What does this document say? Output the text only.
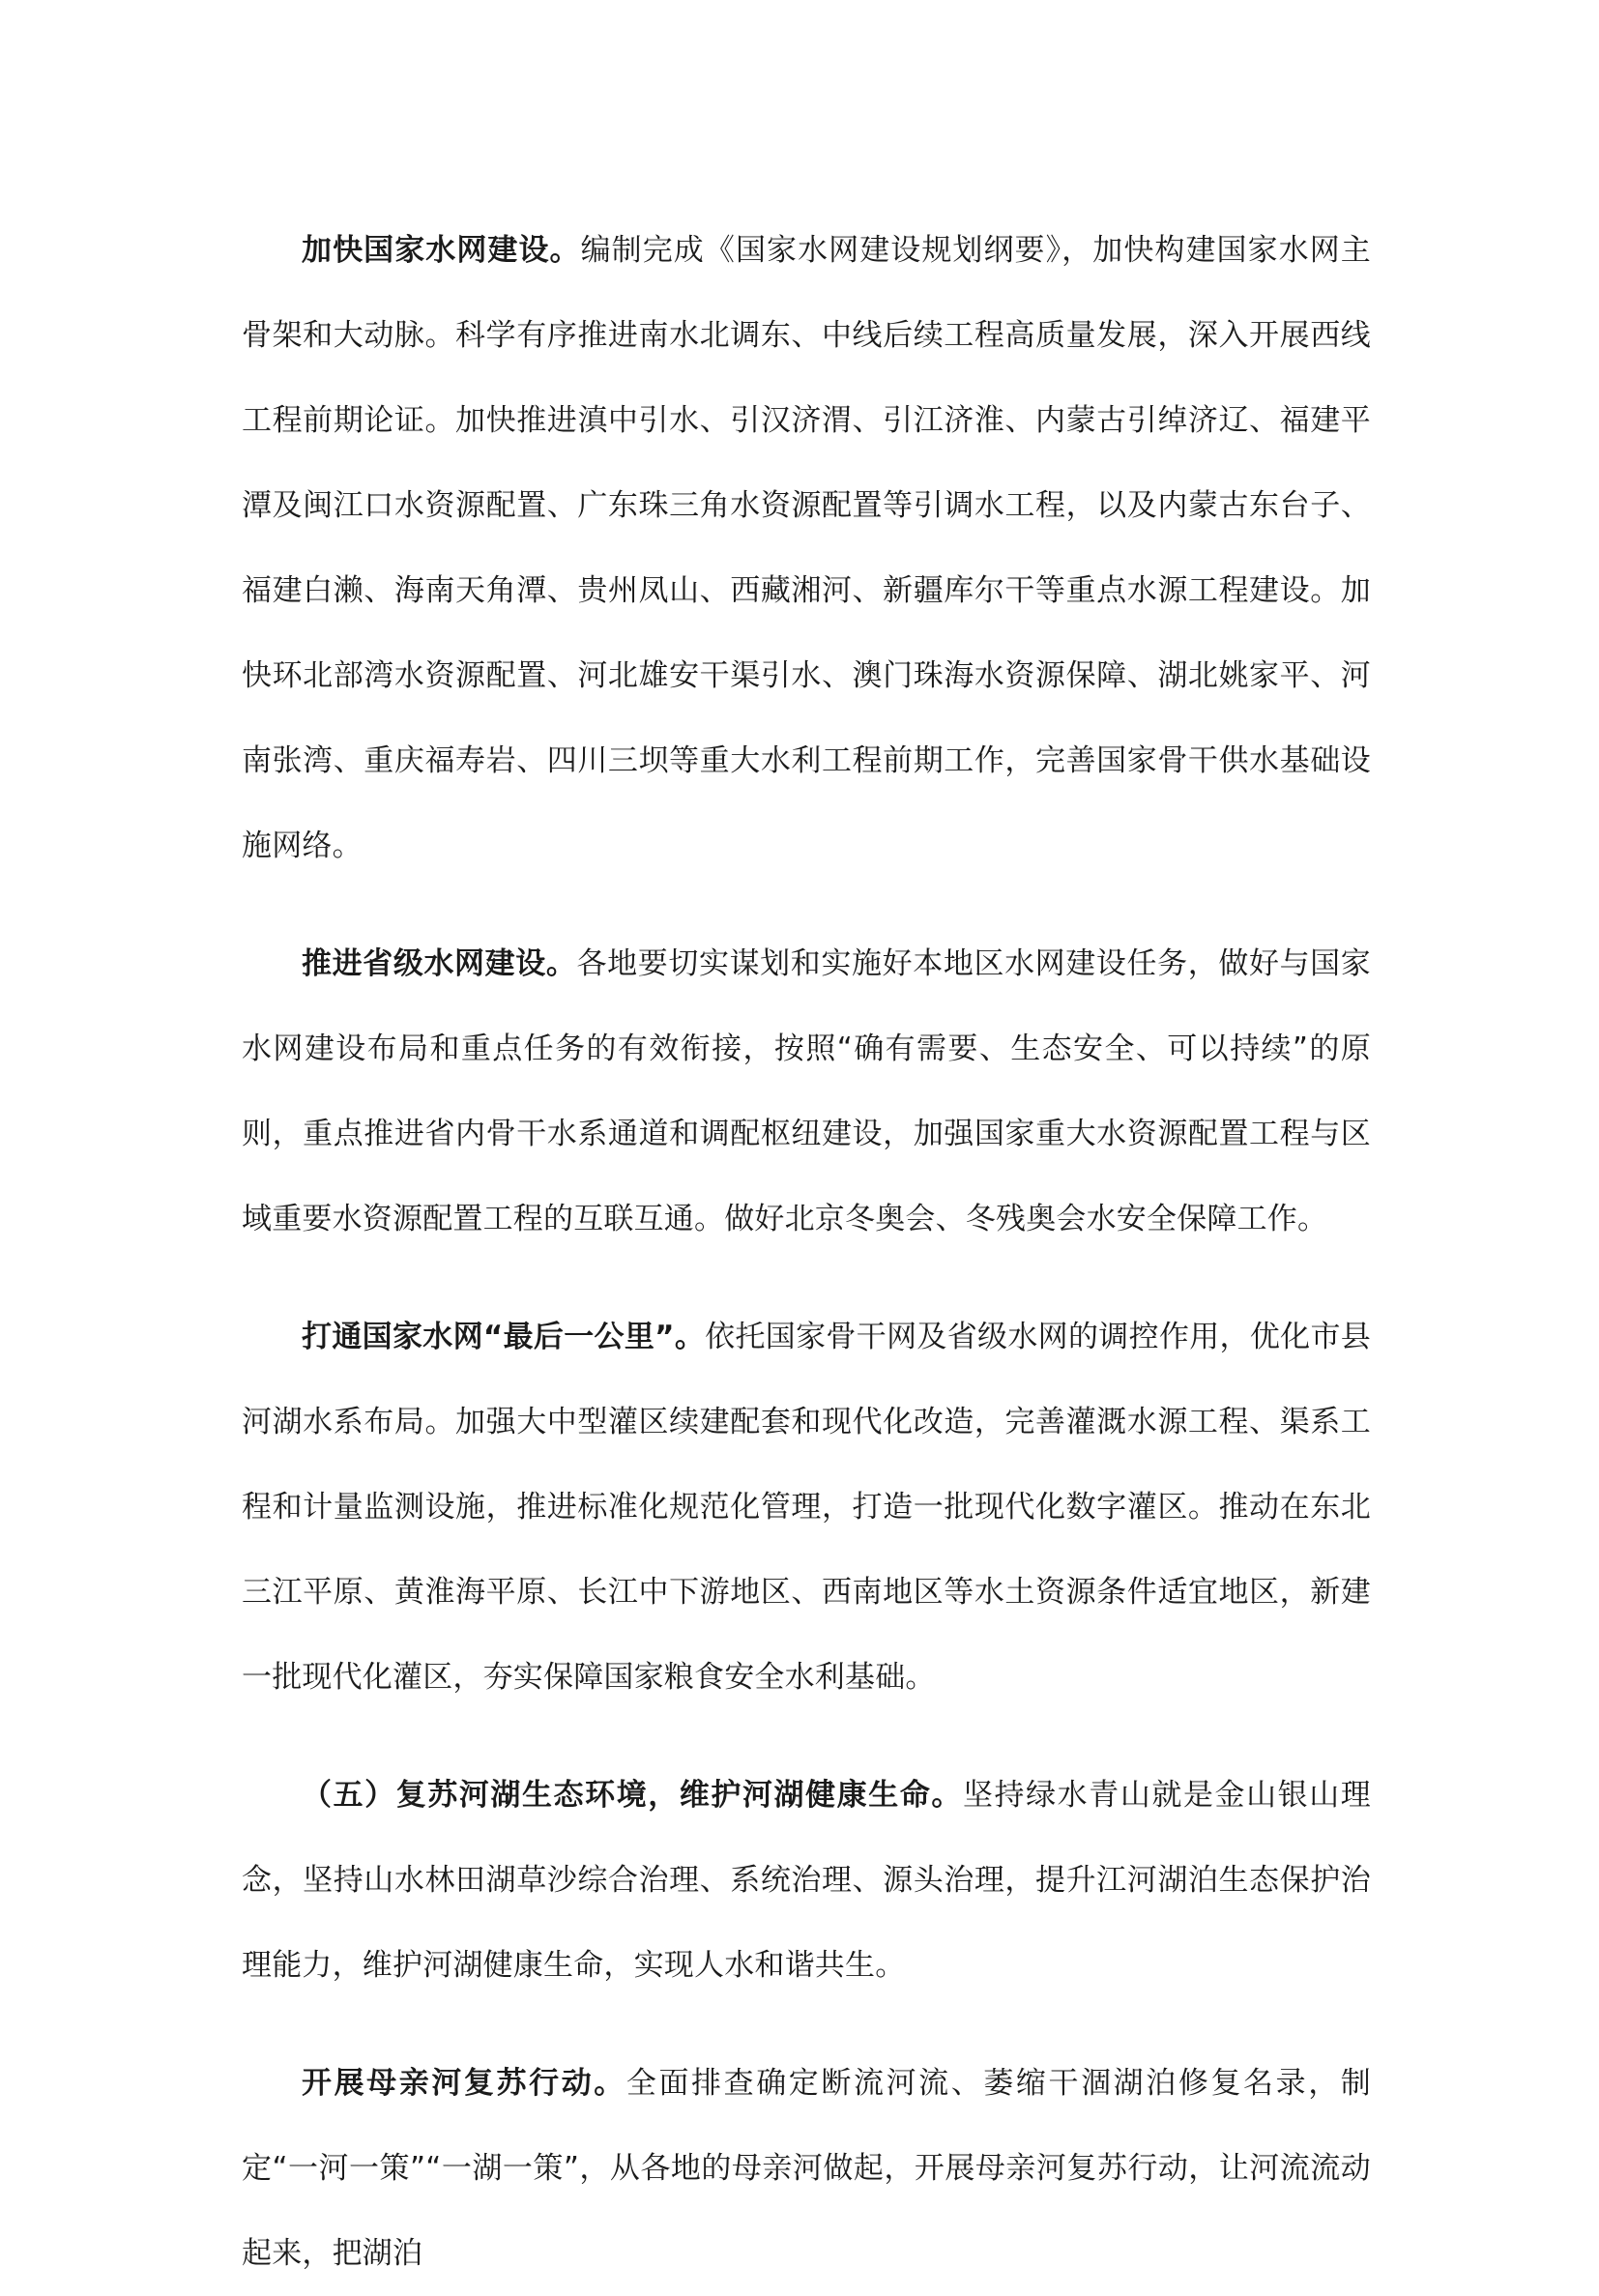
加快国家水网建设。编制完成《国家水网建设规划纲要》，加快构建国家水网主骨架和大动脉。科学有序推进南水北调东、中线后续工程高质量发展，深入开展西线工程前期论证。加快推进滇中引水、引汉济渭、引江济淮、内蒙古引绰济辽、福建平潭及闽江口水资源配置、广东珠三角水资源配置等引调水工程，以及内蒙古东台子、福建白濑、海南天角潭、贵州凤山、西藏湘河、新疆库尔干等重点水源工程建设。加快环北部湾水资源配置、河北雄安干渠引水、澳门珠海水资源保障、湖北姚家平、河南张湾、重庆福寿岩、四川三坝等重大水利工程前期工作，完善国家骨干供水基础设施网络。

推进省级水网建设。各地要切实谋划和实施好本地区水网建设任务，做好与国家水网建设布局和重点任务的有效衔接，按照“确有需要、生态安全、可以持续”的原则，重点推进省内骨干水系通道和调配枢纽建设，加强国家重大水资源配置工程与区域重要水资源配置工程的互联互通。做好北京冬奥会、冬残奥会水安全保障工作。

打通国家水网“最后一公里”。依托国家骨干网及省级水网的调控作用，优化市县河湖水系布局。加强大中型灌区续建配套和现代化改造，完善灌溉水源工程、渠系工程和计量监测设施，推进标准化规范化管理，打造一批现代化数字灌区。推动在东北三江平原、黄淮海平原、长江中下游地区、西南地区等水土资源条件适宜地区，新建一批现代化灌区，夯实保障国家粮食安全水利基础。

（五）复苏河湖生态环境，维护河湖健康生命。坚持绿水青山就是金山银山理念，坚持山水林田湖草沙综合治理、系统治理、源头治理，提升江河湖泊生态保护治理能力，维护河湖健康生命，实现人水和谐共生。

开展母亲河复苏行动。全面排查确定断流河流、萎缩干涸湖泊修复名录，制定“一河一策”“一湖一策”，从各地的母亲河做起，开展母亲河复苏行动，让河流流动起来，把湖泊
